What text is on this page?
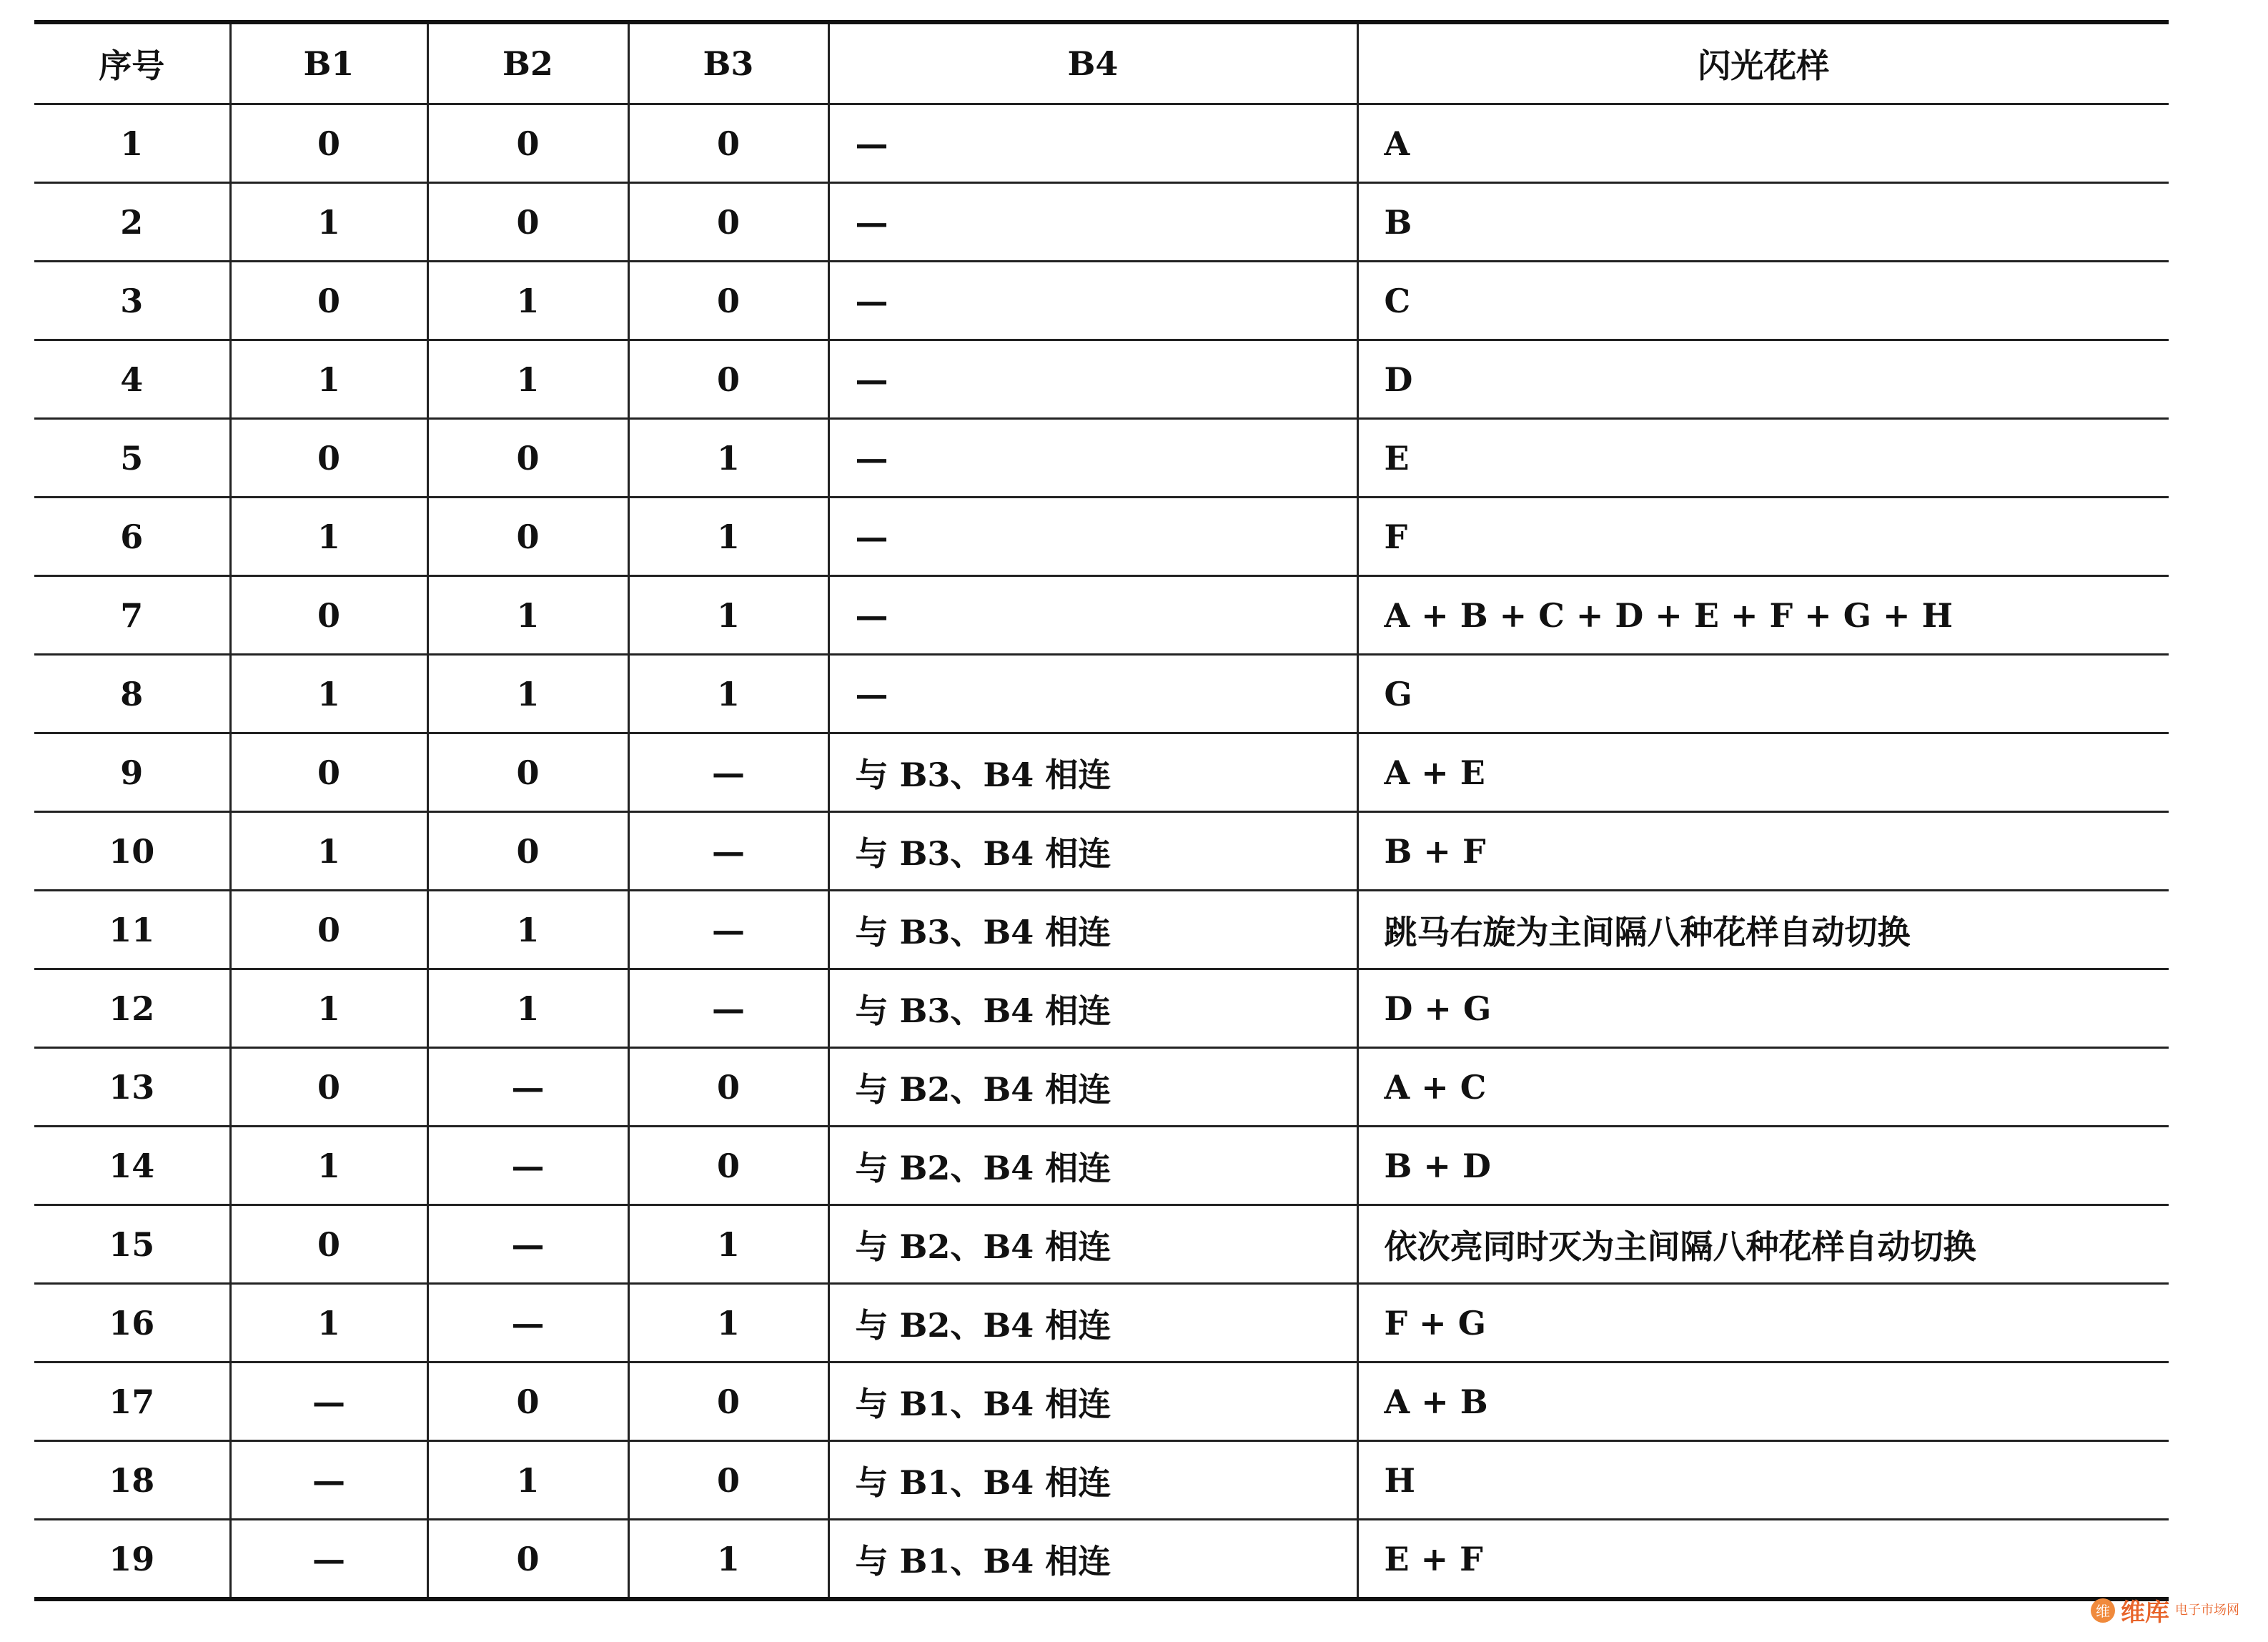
序号	B1	B2	B3	B4	闪光花样
1	0	0	0	—	A
2	1	0	0	—	B
3	0	1	0	—	C
4	1	1	0	—	D
5	0	0	1	—	E
6	1	0	1	—	F
7	0	1	1	—	A + B + C + D + E + F + G + H
8	1	1	1	—	G
9	0	0	—	与 B3、B4 相连	A + E
10	1	0	—	与 B3、B4 相连	B + F
11	0	1	—	与 B3、B4 相连	跳马右旋为主间隔八种花样自动切换
12	1	1	—	与 B3、B4 相连	D + G
13	0	—	0	与 B2、B4 相连	A + C
14	1	—	0	与 B2、B4 相连	B + D
15	0	—	1	与 B2、B4 相连	依次亮同时灭为主间隔八种花样自动切换
16	1	—	1	与 B2、B4 相连	F + G
17	—	0	0	与 B1、B4 相连	A + B
18	—	1	0	与 B1、B4 相连	H
19	—	0	1	与 B1、B4 相连	E + F
维 维库 电子市场网
